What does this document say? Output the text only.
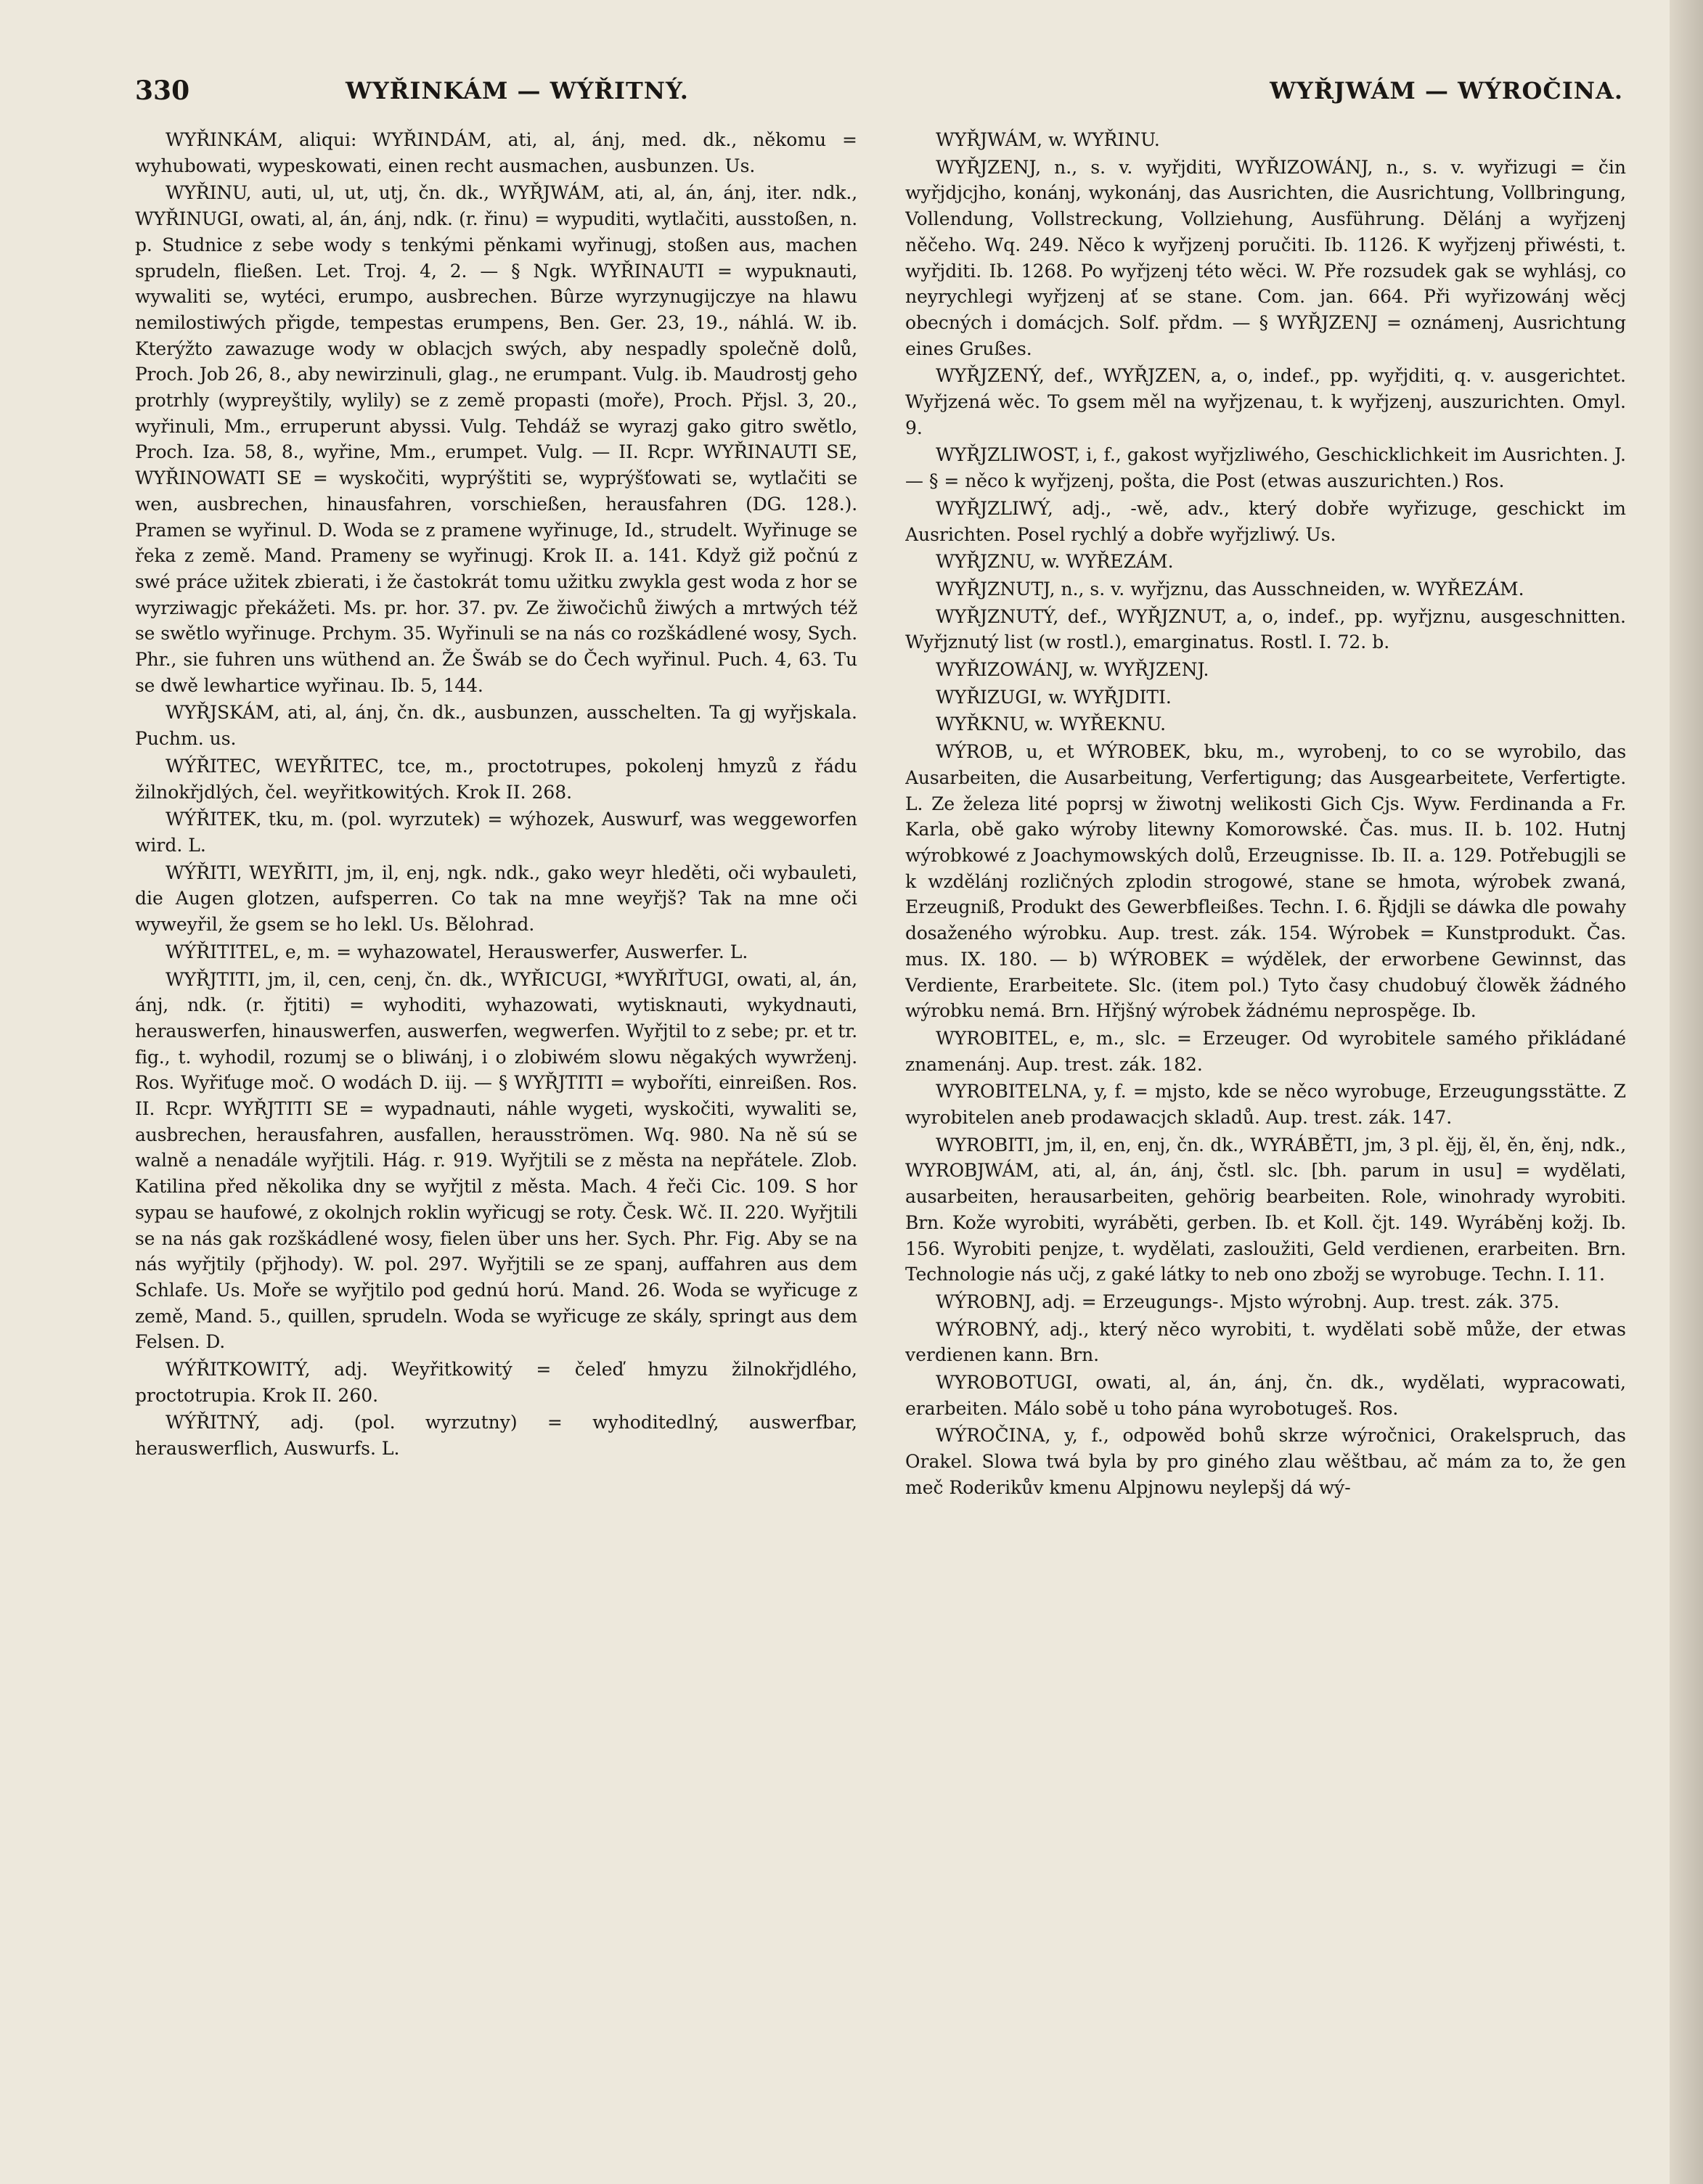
330	WYŘINKÁM — WÝŘITNÝ.	WYŘJWÁM — WÝROČINA.

WYŘINKÁM, aliqui: WYŘINDÁM, ati, al, ánj, med. dk., někomu = wyhubowati, wypeskowati, einen recht ausmachen, ausbunzen. Us.

WYŘINU, auti, ul, ut, utj, čn. dk., WYŘJWÁM, ati, al, án, ánj, iter. ndk., WYŘINUGI, owati, al, án, ánj, ndk. (r. řinu) = wypuditi, wytlačiti, ausstoßen, n. p. Studnice z sebe wody s tenkými pěnkami wyřinugj, stoßen aus, machen sprudeln, fließen. Let. Troj. 4, 2. — § Ngk. WYŘINAUTI = wypuknauti, wywaliti se, wytéci, erumpo, ausbrechen. Bûrze wyrzynugijczye na hlawu nemilostiwých přigde, tempestas erumpens, Ben. Ger. 23, 19., náhlá. W. ib. Kterýžto zawazuge wody w oblacjch swých, aby nespadly společně dolů, Proch. Job 26, 8., aby newirzinuli, glag., ne erumpant. Vulg. ib. Maudrostj geho protrhly (wypreyštily, wylily) se z země propasti (moře), Proch. Přjsl. 3, 20., wyřinuli, Mm., erruperunt abyssi. Vulg. Tehdáž se wyrazj gako gitro swětlo, Proch. Iza. 58, 8., wyřine, Mm., erumpet. Vulg. — II. Rcpr. WYŘINAUTI SE, WYŘINOWATI SE = wyskočiti, wyprýštiti se, wyprýšťowati se, wytlačiti se wen, ausbrechen, hinausfahren, vorschießen, herausfahren (DG. 128.). Pramen se wyřinul. D. Woda se z pramene wyřinuge, Id., strudelt. Wyřinuge se řeka z země. Mand. Prameny se wyřinugj. Krok II. a. 141. Když giž počnú z swé práce užitek zbierati, i že častokrát tomu užitku zwykla gest woda z hor se wyrziwagjc překážeti. Ms. pr. hor. 37. pv. Ze žiwočichů žiwých a mrtwých též se swětlo wyřinuge. Prchym. 35. Wyřinuli se na nás co rozškádlené wosy, Sych. Phr., sie fuhren uns wüthend an. Že Šwáb se do Čech wyřinul. Puch. 4, 63. Tu se dwě lewhartice wyřinau. Ib. 5, 144.

WYŘJSKÁM, ati, al, ánj, čn. dk., ausbunzen, ausschelten. Ta gj wyřjskala. Puchm. us.

WÝŘITEC, WEYŘITEC, tce, m., proctotrupes, pokolenj hmyzů z řádu žilnokřjdlých, čel. weyřitkowitých. Krok II. 268.

WÝŘITEK, tku, m. (pol. wyrzutek) = wýhozek, Auswurf, was weggeworfen wird. L.

WÝŘITI, WEYŘITI, jm, il, enj, ngk. ndk., gako weyr hleděti, oči wybauleti, die Augen glotzen, aufsperren. Co tak na mne weyřjš? Tak na mne oči wyweyřil, že gsem se ho lekl. Us. Bělohrad.

WÝŘITITEL, e, m. = wyhazowatel, Herauswerfer, Auswerfer. L.

WYŘJTITI, jm, il, cen, cenj, čn. dk., WYŘICUGI, *WYŘIŤUGI, owati, al, án, ánj, ndk. (r. řjtiti) = wyhoditi, wyhazowati, wytisknauti, wykydnauti, herauswerfen, hinauswerfen, auswerfen, wegwerfen. Wyřjtil to z sebe; pr. et tr. fig., t. wyhodil, rozumj se o bliwánj, i o zlobiwém slowu něgakých wywrženj. Ros. Wyřiťuge moč. O wodách D. iij. — § WYŘJTITI = wyboříti, einreißen. Ros. II. Rcpr. WYŘJTITI SE = wypadnauti, náhle wygeti, wyskočiti, wywaliti se, ausbrechen, herausfahren, ausfallen, herausströmen. Wq. 980. Na ně sú se walně a nenadále wyřjtili. Hág. r. 919. Wyřjtili se z města na nepřátele. Zlob. Katilina před několika dny se wyřjtil z města. Mach. 4 řeči Cic. 109. S hor sypau se haufowé, z okolnjch roklin wyřicugj se roty. Česk. Wč. II. 220. Wyřjtili se na nás gak rozškádlené wosy, fielen über uns her. Sych. Phr. Fig. Aby se na nás wyřjtily (přjhody). W. pol. 297. Wyřjtili se ze spanj, auffahren aus dem Schlafe. Us. Moře se wyřjtilo pod gednú horú. Mand. 26. Woda se wyřicuge z země, Mand. 5., quillen, sprudeln. Woda se wyřicuge ze skály, springt aus dem Felsen. D.

WÝŘITKOWITÝ, adj. Weyřitkowitý = čeleď hmyzu žilnokřjdlého, proctotrupia. Krok II. 260.

WÝŘITNÝ, adj. (pol. wyrzutny) = wyhoditedlný, auswerfbar, herauswerflich, Auswurfs. L.

WYŘJWÁM, w. WYŘINU.

WYŘJZENJ, n., s. v. wyřjditi, WYŘIZOWÁNJ, n., s. v. wyřizugi = čin wyřjdjcjho, konánj, wykonánj, das Ausrichten, die Ausrichtung, Vollbringung, Vollendung, Vollstreckung, Vollziehung, Ausführung. Dělánj a wyřjzenj něčeho. Wq. 249. Něco k wyřjzenj poručiti. Ib. 1126. K wyřjzenj přiwésti, t. wyřjditi. Ib. 1268. Po wyřjzenj této wěci. W. Pře rozsudek gak se wyhlásj, co neyrychlegi wyřjzenj ať se stane. Com. jan. 664. Při wyřizowánj wěcj obecných i domácjch. Solf. přdm. — § WYŘJZENJ = oznámenj, Ausrichtung eines Grußes.

WYŘJZENÝ, def., WYŘJZEN, a, o, indef., pp. wyřjditi, q. v. ausgerichtet. Wyřjzená wěc. To gsem měl na wyřjzenau, t. k wyřjzenj, auszurichten. Omyl. 9.

WYŘJZLIWOST, i, f., gakost wyřjzliwého, Geschicklichkeit im Ausrichten. J. — § = něco k wyřjzenj, pošta, die Post (etwas auszurichten.) Ros.

WYŘJZLIWÝ, adj., -wě, adv., který dobře wyřizuge, geschickt im Ausrichten. Posel rychlý a dobře wyřjzliwý. Us.

WYŘJZNU, w. WYŘEZÁM.

WYŘJZNUTJ, n., s. v. wyřjznu, das Ausschneiden, w. WYŘEZÁM.

WYŘJZNUTÝ, def., WYŘJZNUT, a, o, indef., pp. wyřjznu, ausgeschnitten. Wyřjznutý list (w rostl.), emarginatus. Rostl. I. 72. b.

WYŘIZOWÁNJ, w. WYŘJZENJ.

WYŘIZUGI, w. WYŘJDITI.

WYŘKNU, w. WYŘEKNU.

WÝROB, u, et WÝROBEK, bku, m., wyrobenj, to co se wyrobilo, das Ausarbeiten, die Ausarbeitung, Verfertigung; das Ausgearbeitete, Verfertigte. L. Ze železa lité poprsj w žiwotnj welikosti Gich Cjs. Wyw. Ferdinanda a Fr. Karla, obě gako wýroby litewny Komorowské. Čas. mus. II. b. 102. Hutnj wýrobkowé z Joachymowských dolů, Erzeugnisse. Ib. II. a. 129. Potřebugjli se k wzdělánj rozličných zplodin strogowé, stane se hmota, wýrobek zwaná, Erzeugniß, Produkt des Gewerbfleißes. Techn. I. 6. Řjdjli se dáwka dle powahy dosaženého wýrobku. Aup. trest. zák. 154. Wýrobek = Kunstprodukt. Čas. mus. IX. 180. — b) WÝROBEK = wýdělek, der erworbene Gewinnst, das Verdiente, Erarbeitete. Slc. (item pol.) Tyto časy chudobuý člowěk žádného wýrobku nemá. Brn. Hřjšný wýrobek žádnému neprospěge. Ib.

WYROBITEL, e, m., slc. = Erzeuger. Od wyrobitele samého přikládané znamenánj. Aup. trest. zák. 182.

WYROBITELNA, y, f. = mjsto, kde se něco wyrobuge, Erzeugungsstätte. Z wyrobitelen aneb prodawacjch skladů. Aup. trest. zák. 147.

WYROBITI, jm, il, en, enj, čn. dk., WYRÁBĚTI, jm, 3 pl. ějj, ěl, ěn, ěnj, ndk., WYROBJWÁM, ati, al, án, ánj, čstl. slc. [bh. parum in usu] = wydělati, ausarbeiten, herausarbeiten, gehörig bearbeiten. Role, winohrady wyrobiti. Brn. Kože wyrobiti, wyráběti, gerben. Ib. et Koll. čjt. 149. Wyráběnj kožj. Ib. 156. Wyrobiti penjze, t. wydělati, zasloužiti, Geld verdienen, erarbeiten. Brn. Technologie nás učj, z gaké látky to neb ono zbožj se wyrobuge. Techn. I. 11.

WÝROBNJ, adj. = Erzeugungs-. Mjsto wýrobnj. Aup. trest. zák. 375.

WÝROBNÝ, adj., který něco wyrobiti, t. wydělati sobě může, der etwas verdienen kann. Brn.

WYROBOTUGI, owati, al, án, ánj, čn. dk., wydělati, wypracowati, erarbeiten. Málo sobě u toho pána wyrobotugeš. Ros.

WÝROČINA, y, f., odpowěd bohů skrze wýročnici, Orakelspruch, das Orakel. Slowa twá byla by pro giného zlau wěštbau, ač mám za to, že gen meč Roderikův kmenu Alpjnowu neylepšj dá wý-
